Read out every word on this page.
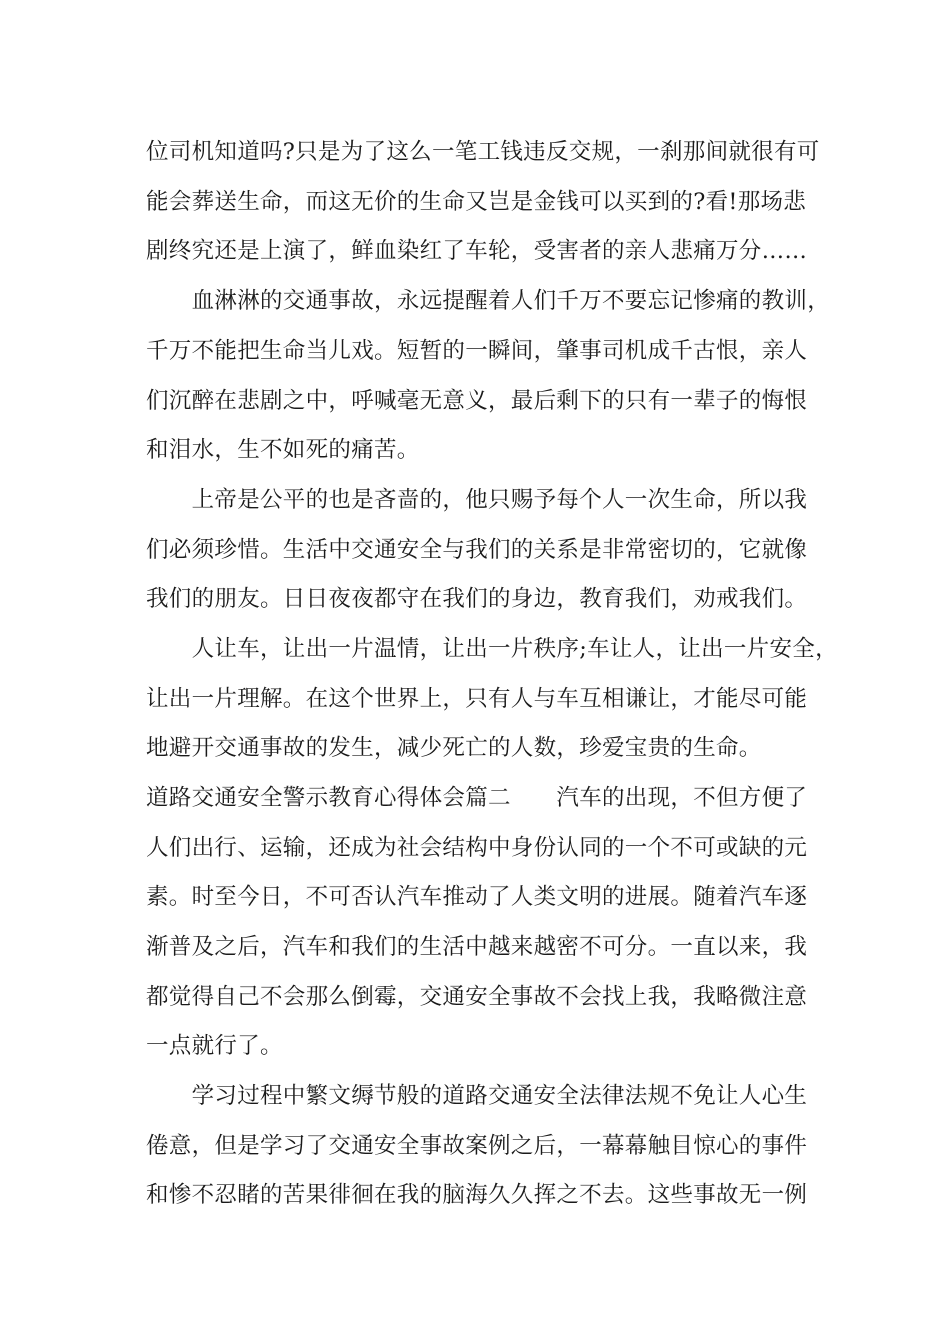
位司机知道吗?只是为了这么一笔工钱违反交规，一刹那间就很有可
能会葬送生命，而这无价的生命又岂是金钱可以买到的?看!那场悲
剧终究还是上演了，鲜血染红了车轮，受害者的亲人悲痛万分……
　　血淋淋的交通事故，永远提醒着人们千万不要忘记惨痛的教训，
千万不能把生命当儿戏。短暂的一瞬间，肇事司机成千古恨，亲人
们沉醉在悲剧之中，呼喊毫无意义，最后剩下的只有一辈子的悔恨
和泪水，生不如死的痛苦。
　　上帝是公平的也是吝啬的，他只赐予每个人一次生命，所以我
们必须珍惜。生活中交通安全与我们的关系是非常密切的，它就像
我们的朋友。日日夜夜都守在我们的身边，教育我们，劝戒我们。
　　人让车，让出一片温情，让出一片秩序;车让人，让出一片安全，
让出一片理解。在这个世界上，只有人与车互相谦让，才能尽可能
地避开交通事故的发生，减少死亡的人数，珍爱宝贵的生命。
道路交通安全警示教育心得体会篇二　　汽车的出现，不但方便了
人们出行、运输，还成为社会结构中身份认同的一个不可或缺的元
素。时至今日，不可否认汽车推动了人类文明的进展。随着汽车逐
渐普及之后，汽车和我们的生活中越来越密不可分。一直以来，我
都觉得自己不会那么倒霉，交通安全事故不会找上我，我略微注意
一点就行了。
　　学习过程中繁文缛节般的道路交通安全法律法规不免让人心生
倦意，但是学习了交通安全事故案例之后，一幕幕触目惊心的事件
和惨不忍睹的苦果徘徊在我的脑海久久挥之不去。这些事故无一例
